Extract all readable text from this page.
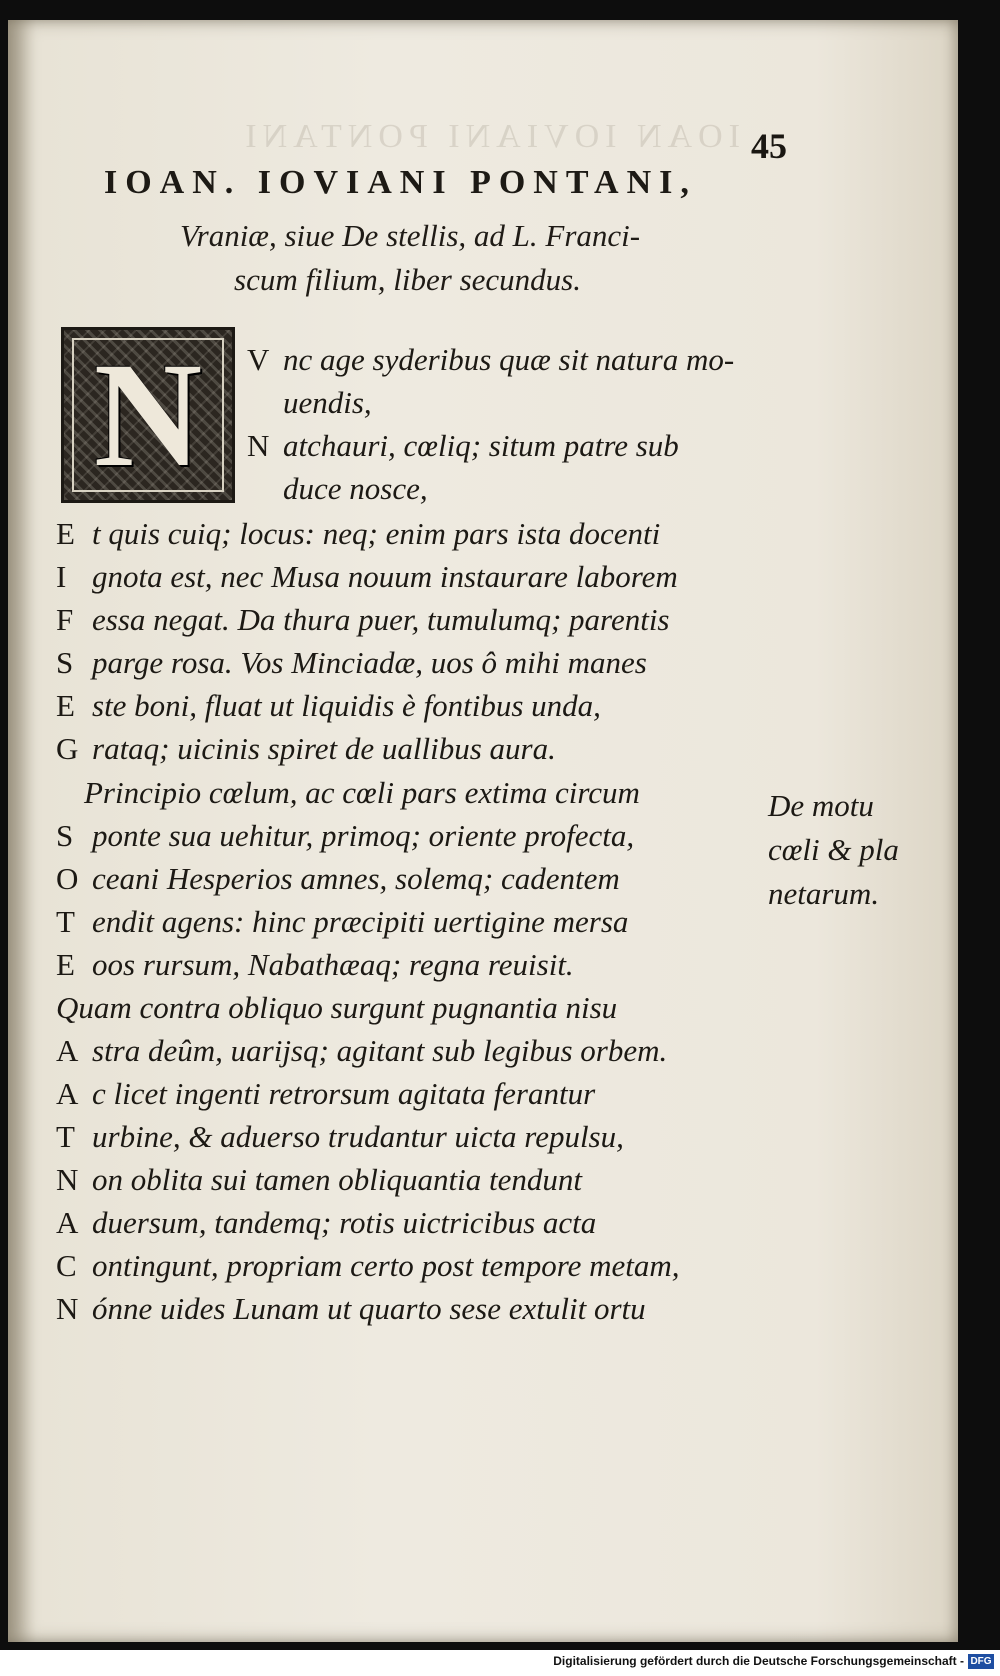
IOAN IOVIANI PONTANI 45
IOAN. IOVIANI PONTANI,
Vraniæ, siue De stellis, ad L. Franci-
scum filium, liber secundus.
N V nc age syderibus quæ sit natura mo-
uendis,
N atchauri, cœliq; situm patre sub
duce nosce,
E t quis cuiq; locus: neq; enim pars ista docenti
I gnota est, nec Musa nouum instaurare laborem
F essa negat. Da thura puer, tumulumq; parentis
S parge rosa. Vos Minciadæ, uos ô mihi manes
E ste boni, fluat ut liquidis è fontibus unda,
G rataq; uicinis spiret de uallibus aura.
Principio cœlum, ac cœli pars extima circum
S ponte sua uehitur, primoq; oriente profecta,
O ceani Hesperios amnes, solemq; cadentem
T endit agens: hinc præcipiti uertigine mersa
E oos rursum, Nabathæaq; regna reuisit.
Quam contra obliquo surgunt pugnantia nisu
A stra deûm, uarijsq; agitant sub legibus orbem.
A c licet ingenti retrorsum agitata ferantur
T urbine, & aduerso trudantur uicta repulsu,
N on oblita sui tamen obliquantia tendunt
A duersum, tandemq; rotis uictricibus acta
C ontingunt, propriam certo post tempore metam,
N ónne uides Lunam ut quarto sese extulit ortu
De motu
cœli & pla
netarum.
Digitalisierung gefördert durch die Deutsche Forschungsgemeinschaft - DFG
